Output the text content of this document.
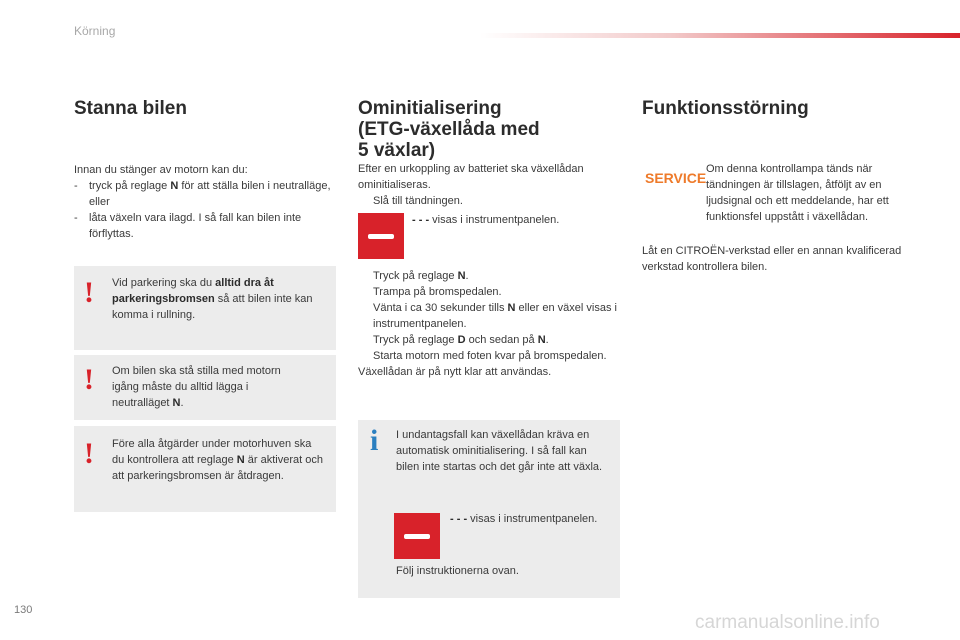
Körning
Stanna bilen

Innan du stänger av motorn kan du:

-	tryck på reglage N för att ställa bilen i neutralläge,
eller
-	låta växeln vara ilagd. I så fall kan bilen inte förflyttas.
! Vid parkering ska du alltid dra åt parkeringsbromsen så att bilen inte kan komma i rullning.

! Om bilen ska stå stilla med motorn igång måste du alltid lägga i neutralläget N.

! Före alla åtgärder under motorhuven ska du kontrollera att reglage N är aktiverat och att parkeringsbromsen är åtdragen.

Ominitialisering
(ETG-växellåda med
5 växlar)

Efter en urkoppling av batteriet ska växellådan ominitialiseras.

Slå till tändningen.

- - - visas i instrumentpanelen.

Tryck på reglage N.
Trampa på bromspedalen.
Vänta i ca 30 sekunder tills N eller en växel visas i instrumentpanelen.
Tryck på reglage D och sedan på N.
Starta motorn med foten kvar på bromspedalen.

Växellådan är på nytt klar att användas.

i I undantagsfall kan växellådan kräva en automatisk ominitialisering. I så fall kan bilen inte startas och det går inte att växla.

- - - visas i instrumentpanelen.

Följ instruktionerna ovan.

Funktionsstörning
SERVICE

Om denna kontrollampa tänds när tändningen är tillslagen, åtföljt av en ljudsignal och ett meddelande, har ett funktionsfel uppstått i växellådan.

Låt en CITROËN-verkstad eller en annan kvalificerad verkstad kontrollera bilen.

130
carmanualsonline.info
